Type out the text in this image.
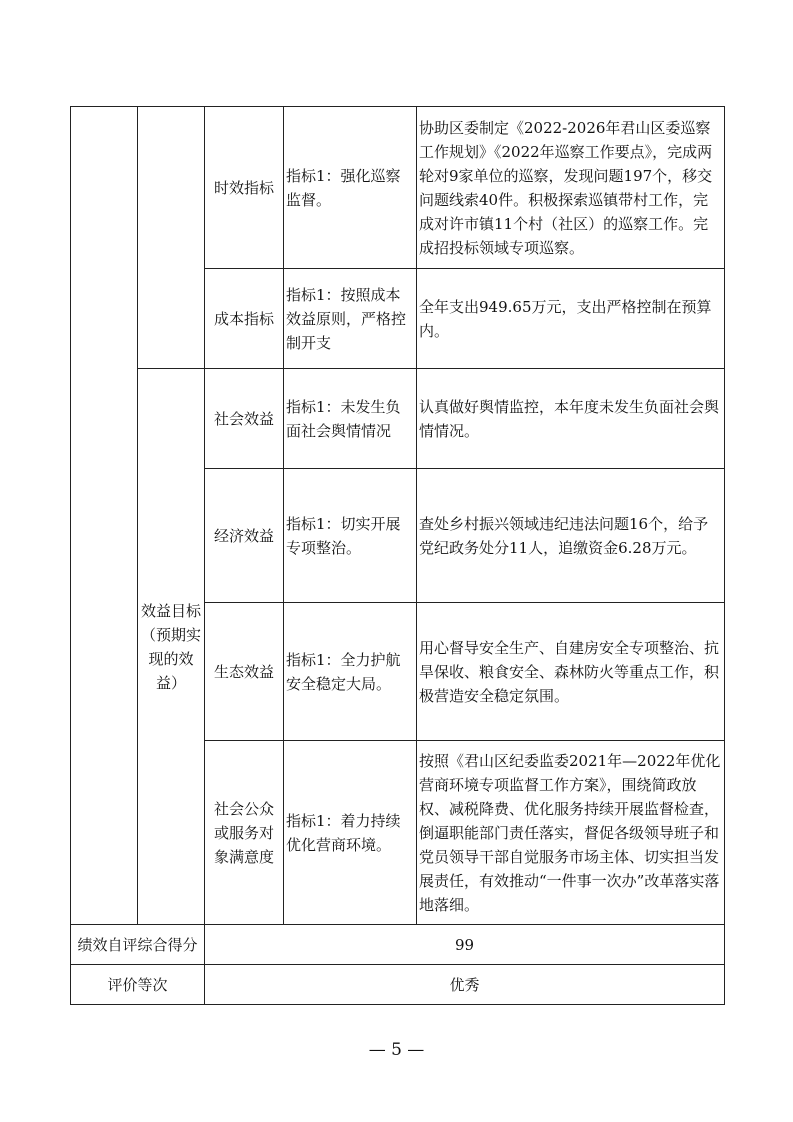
		时效指标	指标1：强化巡察监督。	协助区委制定《2022-2026年君山区委巡察工作规划》《2022年巡察工作要点》，完成两轮对9家单位的巡察，发现问题197个，移交问题线索40件。积极探索巡镇带村工作，完成对许市镇11个村（社区）的巡察工作。完成招投标领域专项巡察。
		成本指标	指标1：按照成本效益原则，严格控制开支	全年支出949.65万元，支出严格控制在预算内。
	效益目标（预期实现的效益）	社会效益	指标1：未发生负面社会舆情情况	认真做好舆情监控，本年度未发生负面社会舆情情况。
		经济效益	指标1：切实开展专项整治。	查处乡村振兴领域违纪违法问题16个，给予党纪政务处分11人，追缴资金6.28万元。
		生态效益	指标1：全力护航安全稳定大局。	用心督导安全生产、自建房安全专项整治、抗旱保收、粮食安全、森林防火等重点工作，积极营造安全稳定氛围。
		社会公众或服务对象满意度	指标1：着力持续优化营商环境。	按照《君山区纪委监委2021年—2022年优化营商环境专项监督工作方案》，围绕简政放权、减税降费、优化服务持续开展监督检查，倒逼职能部门责任落实，督促各级领导班子和党员领导干部自觉服务市场主体、切实担当发展责任，有效推动“一件事一次办”改革落实落地落细。
绩效自评综合得分		99		
评价等次		优秀		
— 5 —
